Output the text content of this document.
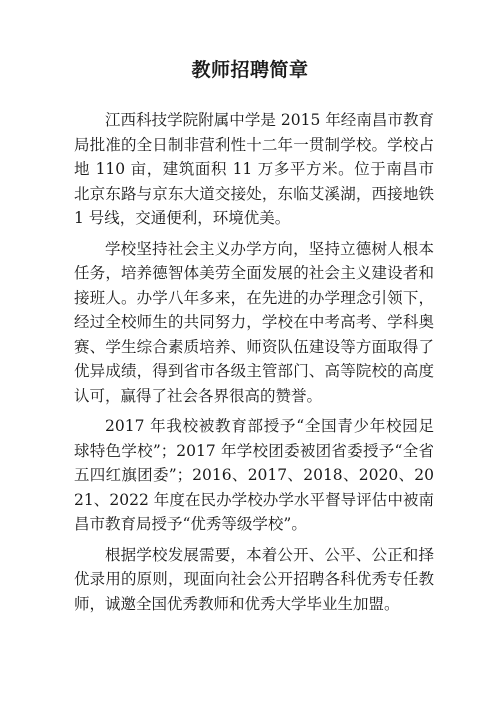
教师招聘简章

江西科技学院附属中学是 2015 年经南昌市教育局批准的全日制非营利性十二年一贯制学校。学校占地 110 亩，建筑面积 11 万多平方米。位于南昌市北京东路与京东大道交接处，东临艾溪湖，西接地铁 1 号线，交通便利，环境优美。

学校坚持社会主义办学方向，坚持立德树人根本任务，培养德智体美劳全面发展的社会主义建设者和接班人。办学八年多来，在先进的办学理念引领下，经过全校师生的共同努力，学校在中考高考、学科奥赛、学生综合素质培养、师资队伍建设等方面取得了优异成绩，得到省市各级主管部门、高等院校的高度认可，赢得了社会各界很高的赞誉。

2017 年我校被教育部授予“全国青少年校园足球特色学校”；2017 年学校团委被团省委授予“全省五四红旗团委”；2016、2017、2018、2020、2021、2022 年度在民办学校办学水平督导评估中被南昌市教育局授予“优秀等级学校”。

根据学校发展需要，本着公开、公平、公正和择优录用的原则，现面向社会公开招聘各科优秀专任教师，诚邀全国优秀教师和优秀大学毕业生加盟。
